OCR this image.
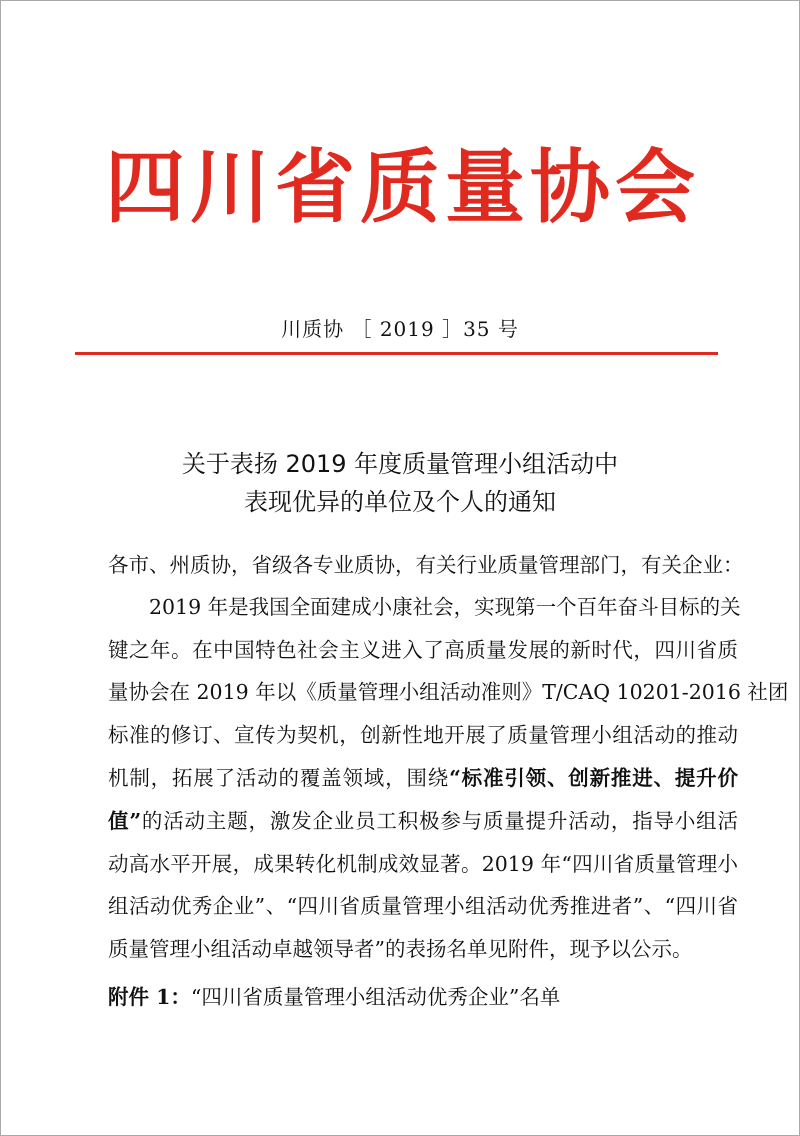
四 川 省 质 量 协 会
川质协 ［ 2019 ］35 号
关于表扬 2019 年度质量管理小组活动中
表现优异的单位及个人的通知
各市、州质协，省级各专业质协，有关行业质量管理部门，有关企业：
　　2019 年是我国全面建成小康社会，实现第一个百年奋斗目标的关
键之年。在中国特色社会主义进入了高质量发展的新时代，四川省质
量协会在 2019 年以《质量管理小组活动准则》T/CAQ 10201-2016 社团
标准的修订、宣传为契机，创新性地开展了质量管理小组活动的推动
机制，拓展了活动的覆盖领域，围绕“标准引领、创新推进、提升价
值”的活动主题，激发企业员工积极参与质量提升活动，指导小组活
动高水平开展，成果转化机制成效显著。2019 年“四川省质量管理小
组活动优秀企业”、“四川省质量管理小组活动优秀推进者”、“四川省
质量管理小组活动卓越领导者”的表扬名单见附件，现予以公示。
附件 1：“四川省质量管理小组活动优秀企业”名单
